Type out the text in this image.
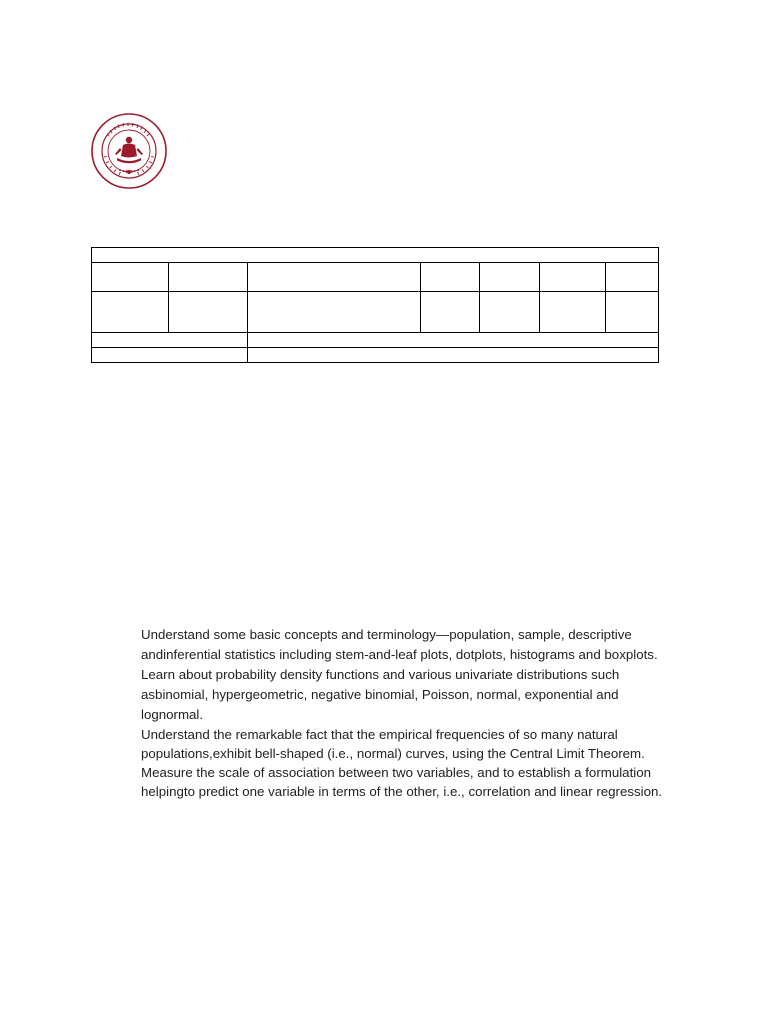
Understand some basic concepts and terminology—population, sample, descriptive andinferential statistics including stem-and-leaf plots, dotplots, histograms and boxplots.

Learn about probability density functions and various univariate distributions such asbinomial, hypergeometric, negative binomial, Poisson, normal, exponential and lognormal.

Understand the remarkable fact that the empirical frequencies of so many natural populations,exhibit bell-shaped (i.e., normal) curves, using the Central Limit Theorem.

Measure the scale of association between two variables, and to establish a formulation helpingto predict one variable in terms of the other, i.e., correlation and linear regression.
